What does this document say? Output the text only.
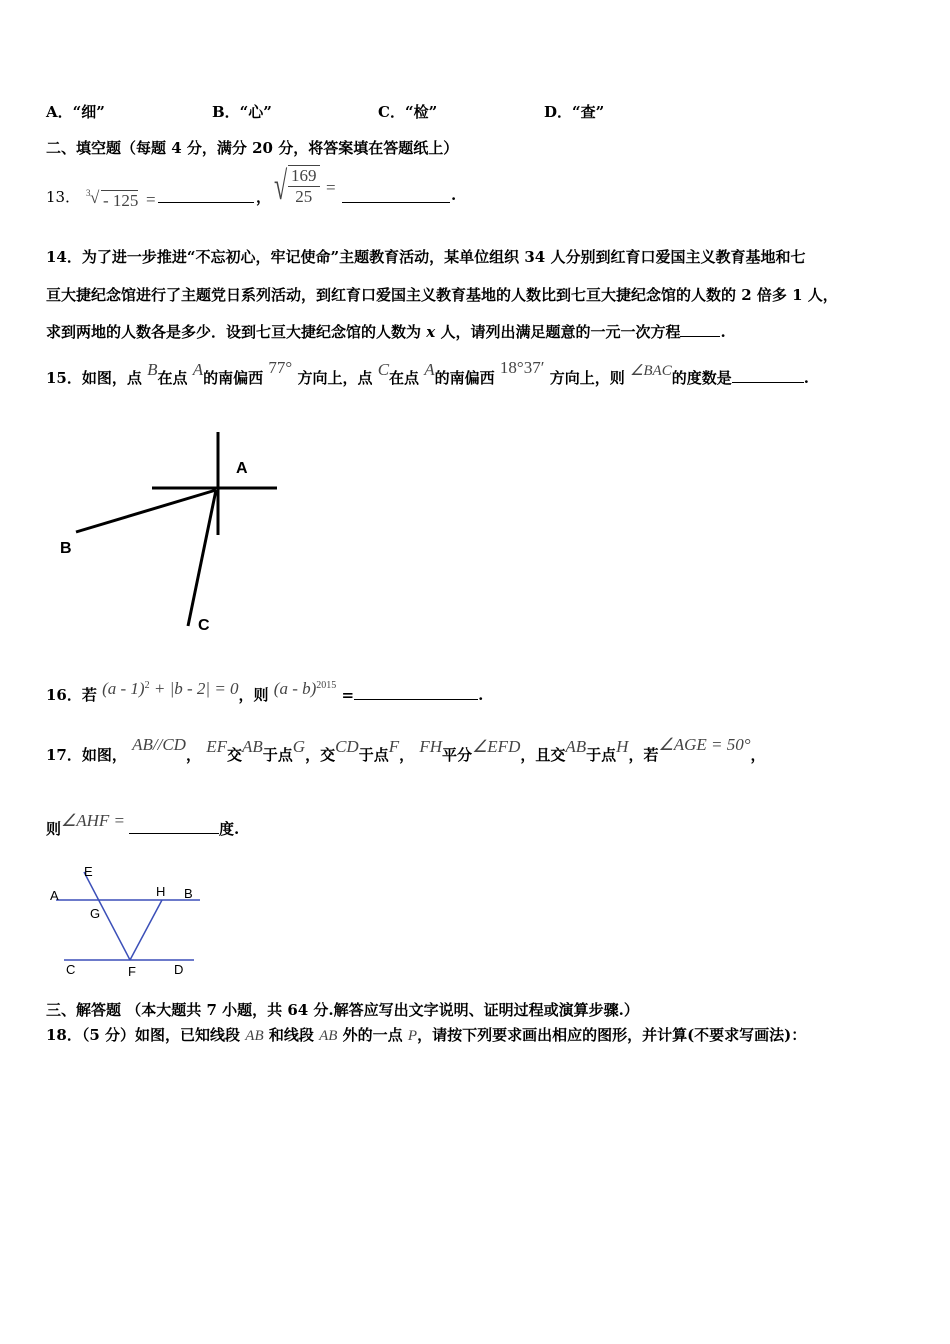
A．“细”	B．“心”	C．“检”	D．“查”
二、填空题（每题 4 分，满分 20 分，将答案填在答题纸上）
13． 3 √ - 125 =	， √ $\frac{169}{25}$ =	.
14．为了进一步推进“不忘初心，牢记使命”主题教育活动，某单位组织 34 人分别到红育口爱国主义教育基地和七
亘大捷纪念馆进行了主题党日系列活动，到红育口爱国主义教育基地的人数比到七亘大捷纪念馆的人数的 2 倍多 1 人，
求到两地的人数各是多少．设到七亘大捷纪念馆的人数为 x 人，请列出满足题意的一元一次方程	.
15．如图，点 B在点 A的南偏西 77° 方向上，点 C在点 A的南偏西 18°37′ 方向上，则 ∠BAC的度数是	.
A
B
C
16．若 (a - 1)$^2$ + |b - 2| = 0，则 (a - b)$^{2015}$ =	.
17．如图， AB//CD， EF交AB于点G，交CD于点F， FH平分∠EFD，且交AB于点H，若∠AGE = 50°，
则∠AHF =	度.
E
A	H B
G
C	F	D
三、解答题 （本大题共 7 小题，共 64 分.解答应写出文字说明、证明过程或演算步骤.）
18．（5 分）如图，已知线段 AB 和线段 AB 外的一点 P，请按下列要求画出相应的图形，并计算(不要求写画法)：
